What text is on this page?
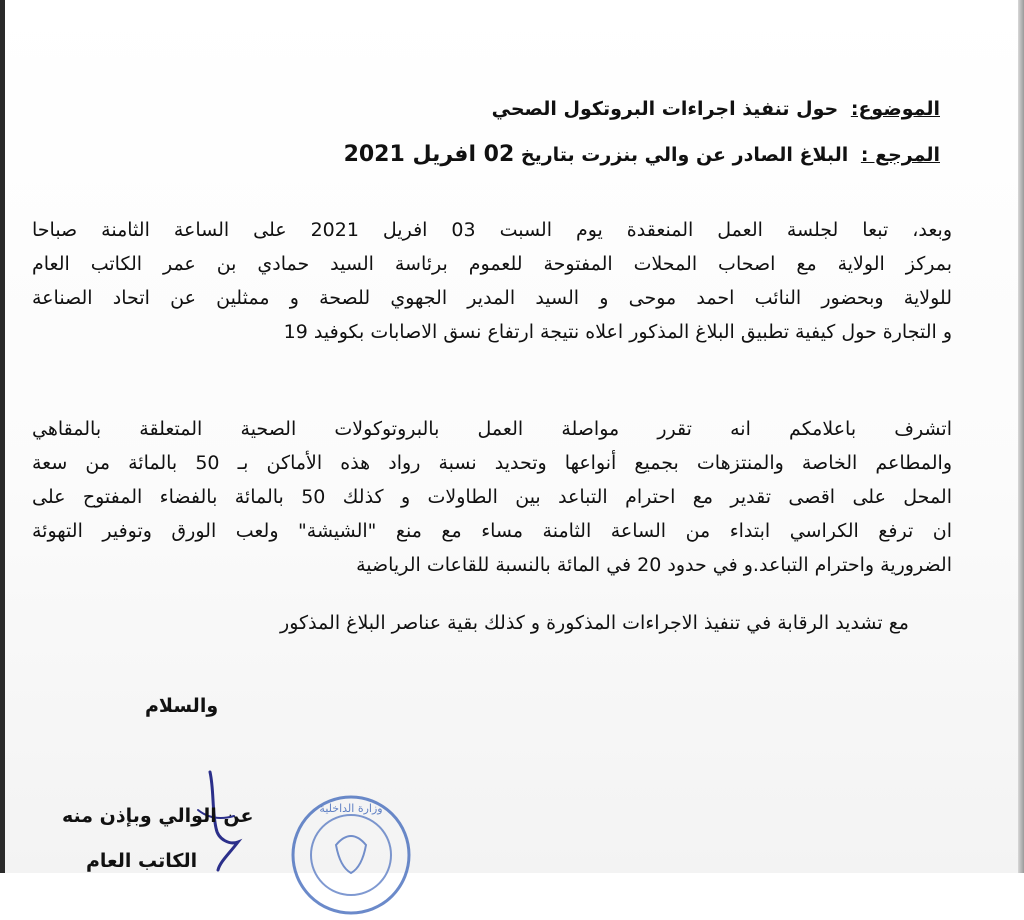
الموضوع: حول تنفيذ اجراءات البروتكول الصحي
المرجع : البلاغ الصادر عن والي بنزرت بتاريخ 02 افريل 2021
وبعد، تبعا لجلسة العمل المنعقدة يوم السبت 03 افريل 2021 على الساعة الثامنة صباحا
بمركز الولاية مع اصحاب المحلات المفتوحة للعموم برئاسة السيد حمادي بن عمر الكاتب العام
للولاية وبحضور النائب احمد موحى و السيد المدير الجهوي للصحة و ممثلين عن اتحاد الصناعة
و التجارة حول كيفية تطبيق البلاغ المذكور اعلاه نتيجة ارتفاع نسق الاصابات بكوفيد 19
اتشرف باعلامكم انه تقرر مواصلة العمل بالبروتوكولات الصحية المتعلقة بالمقاهي
والمطاعم الخاصة والمنتزهات بجميع أنواعها وتحديد نسبة رواد هذه الأماكن بـ 50 بالمائة من سعة
المحل على اقصى تقدير مع احترام التباعد بين الطاولات و كذلك 50 بالمائة بالفضاء المفتوح على
ان ترفع الكراسي ابتداء من الساعة الثامنة مساء مع منع "الشيشة" ولعب الورق وتوفير التهوئة
الضرورية واحترام التباعد.و في حدود 20 في المائة بالنسبة للقاعات الرياضية
مع تشديد الرقابة في تنفيذ الاجراءات المذكورة و كذلك بقية عناصر البلاغ المذكور
والسلام
وزارة الداخلية
عن الوالي وبإذن منه
الكاتب العام
